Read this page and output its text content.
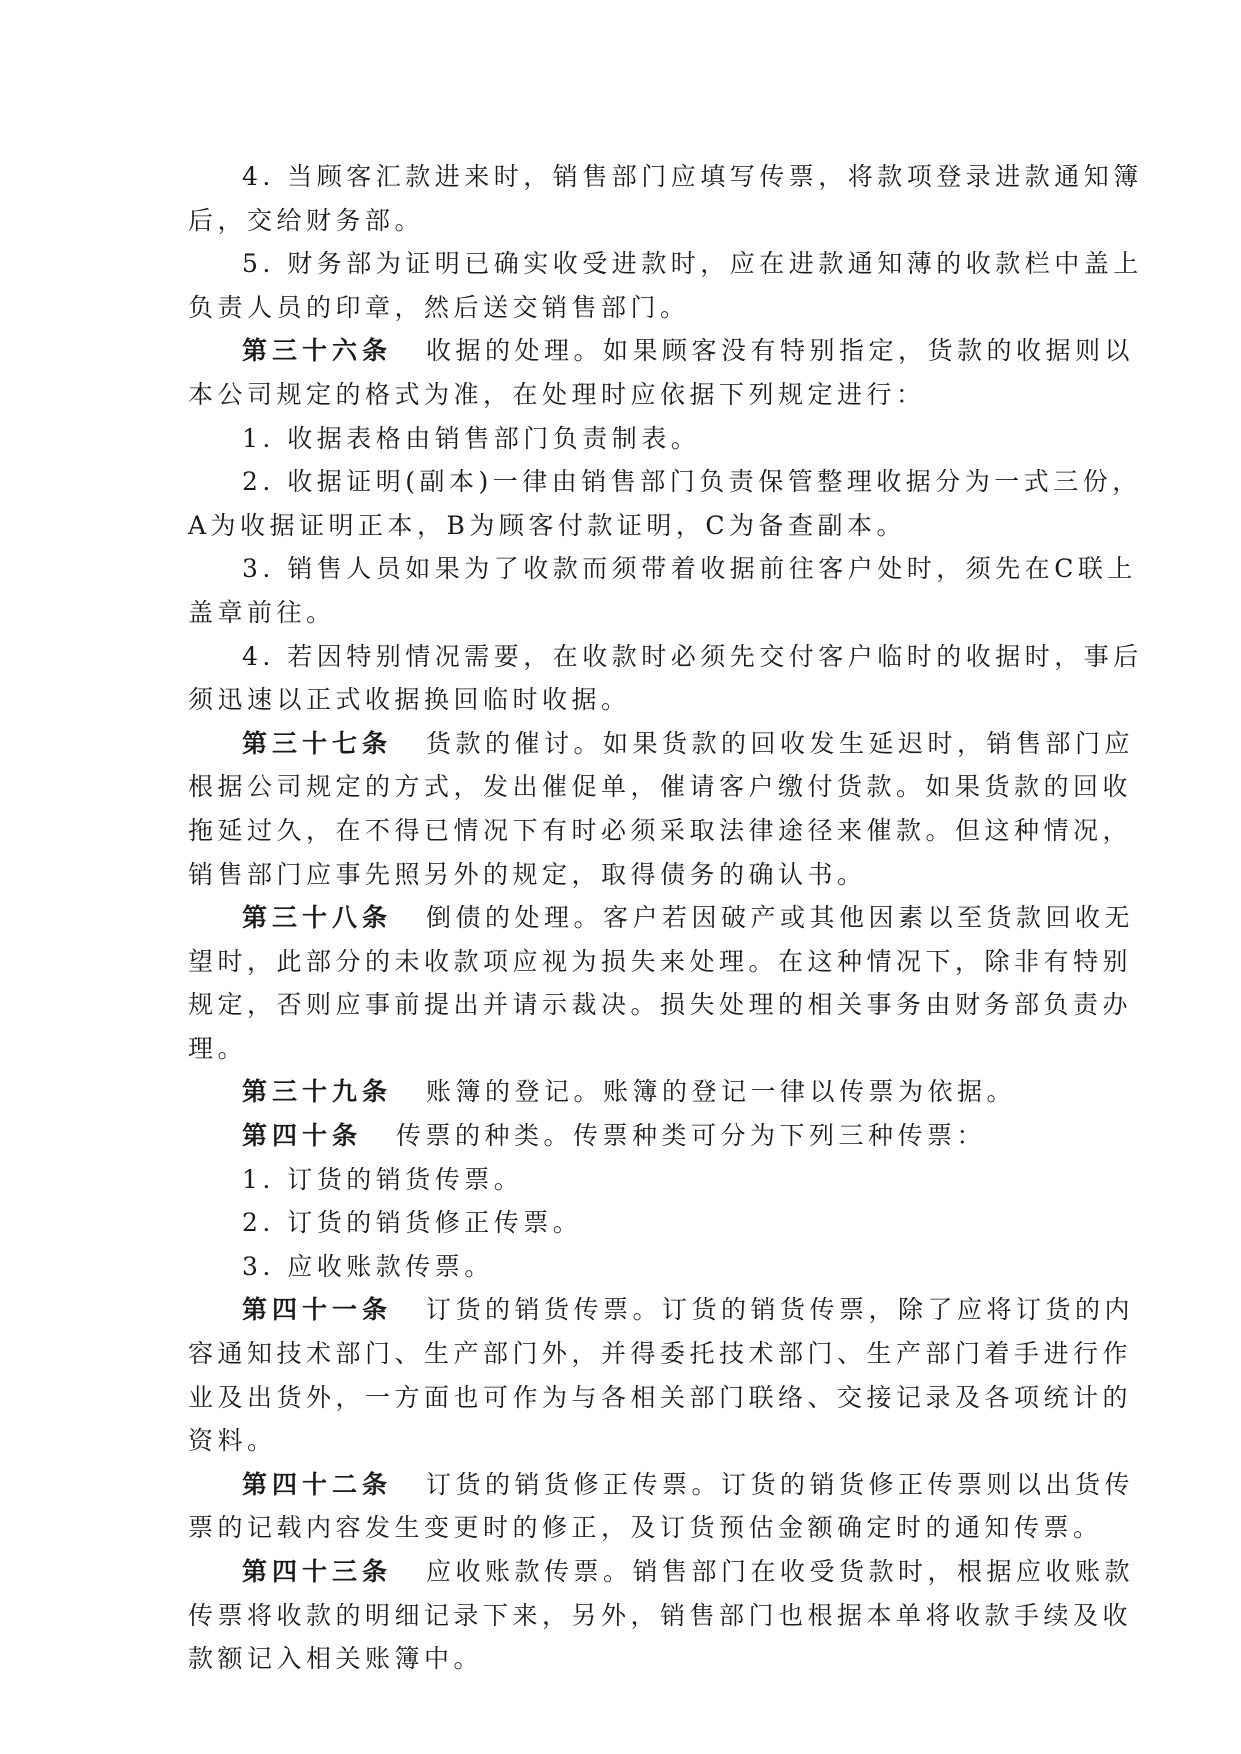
4. 当顾客汇款进来时，销售部门应填写传票，将款项登录进款通知簿
后，交给财务部。
5. 财务部为证明已确实收受进款时，应在进款通知薄的收款栏中盖上
负责人员的印章，然后送交销售部门。
第三十六条 收据的处理。如果顾客没有特别指定，货款的收据则以
本公司规定的格式为准，在处理时应依据下列规定进行：
1. 收据表格由销售部门负责制表。
2. 收据证明(副本)一律由销售部门负责保管整理收据分为一式三份，
A为收据证明正本，B为顾客付款证明，C为备查副本。
3. 销售人员如果为了收款而须带着收据前往客户处时，须先在C联上
盖章前往。
4. 若因特别情况需要，在收款时必须先交付客户临时的收据时，事后
须迅速以正式收据换回临时收据。
第三十七条 货款的催讨。如果货款的回收发生延迟时，销售部门应
根据公司规定的方式，发出催促单，催请客户缴付货款。如果货款的回收
拖延过久，在不得已情况下有时必须采取法律途径来催款。但这种情况，
销售部门应事先照另外的规定，取得债务的确认书。
第三十八条 倒债的处理。客户若因破产或其他因素以至货款回收无
望时，此部分的未收款项应视为损失来处理。在这种情况下，除非有特别
规定，否则应事前提出并请示裁决。损失处理的相关事务由财务部负责办
理。
第三十九条 账簿的登记。账簿的登记一律以传票为依据。
第四十条 传票的种类。传票种类可分为下列三种传票：
1. 订货的销货传票。
2. 订货的销货修正传票。
3. 应收账款传票。
第四十一条 订货的销货传票。订货的销货传票，除了应将订货的内
容通知技术部门、生产部门外，并得委托技术部门、生产部门着手进行作
业及出货外，一方面也可作为与各相关部门联络、交接记录及各项统计的
资料。
第四十二条 订货的销货修正传票。订货的销货修正传票则以出货传
票的记载内容发生变更时的修正，及订货预估金额确定时的通知传票。
第四十三条 应收账款传票。销售部门在收受货款时，根据应收账款
传票将收款的明细记录下来，另外，销售部门也根据本单将收款手续及收
款额记入相关账簿中。
